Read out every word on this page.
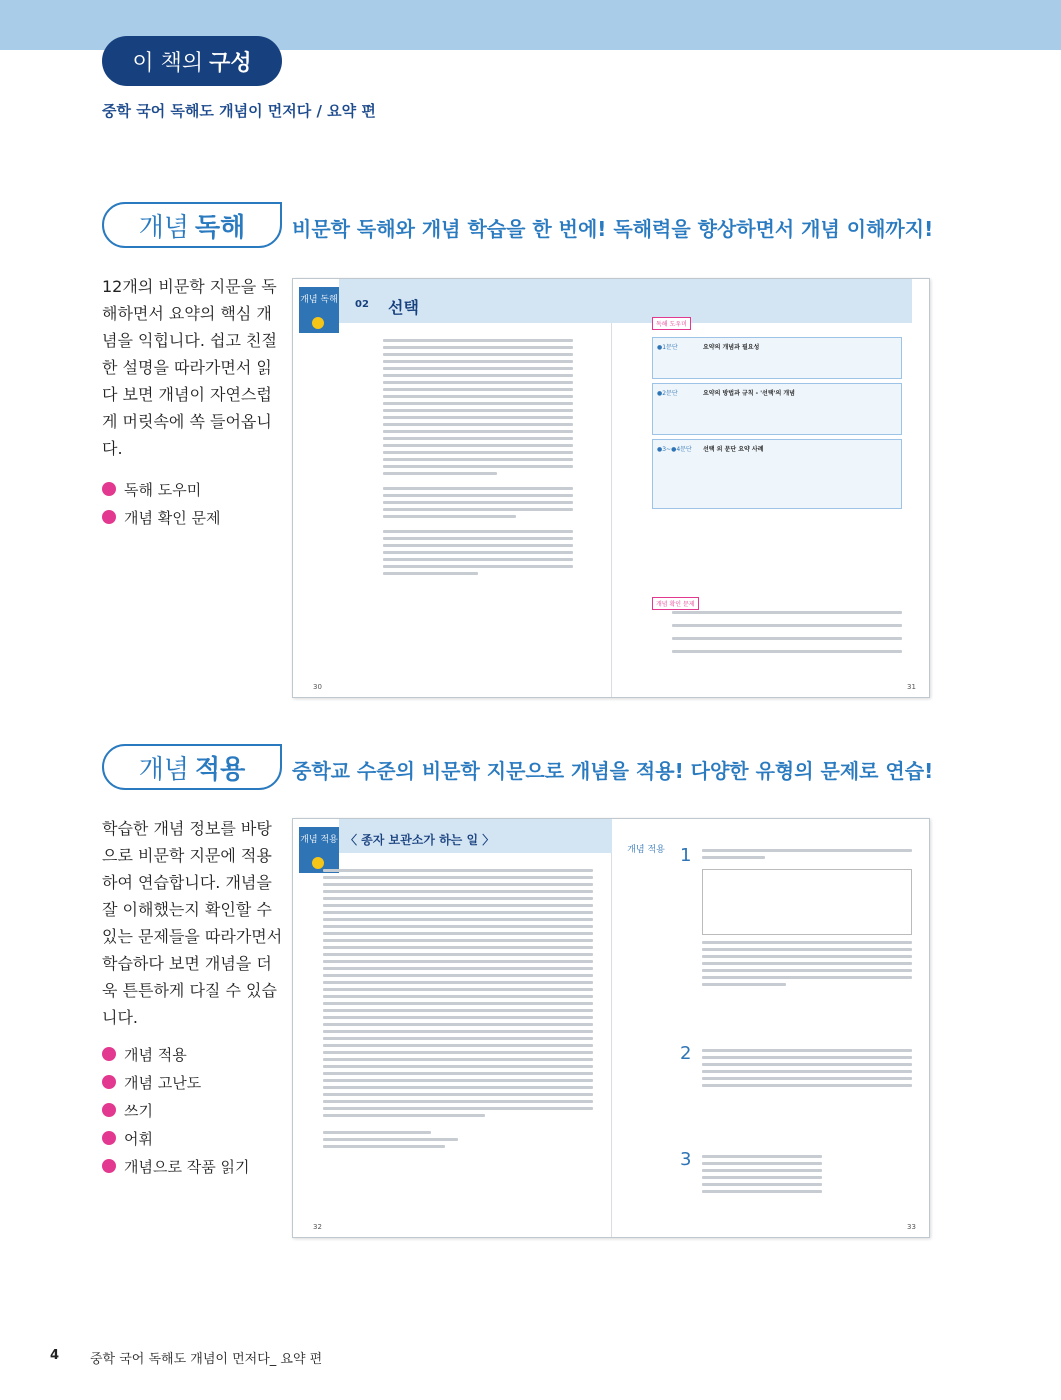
이 책의 구성
중학 국어 독해도 개념이 먼저다 / 요약 편
개념 독해 비문학 독해와 개념 학습을 한 번에! 독해력을 향상하면서 개념 이해까지!
12개의 비문학 지문을 독해하면서 요약의 핵심 개념을 익힙니다. 쉽고 친절한 설명을 따라가면서 읽다 보면 개념이 자연스럽게 머릿속에 쏙 들어옵니다.
독해 도우미
개념 확인 문제
개념 독해 02 선택
30
독해 도우미
●1문단	요약의 개념과 필요성
●2문단	요약의 방법과 규칙 - '선택'의 개념
●3~●4문단 선택 외 문단 요약 사례
개념 확인 문제
31
개념 적용 중학교 수준의 비문학 지문으로 개념을 적용! 다양한 유형의 문제로 연습!
학습한 개념 정보를 바탕으로 비문학 지문에 적용하여 연습합니다. 개념을 잘 이해했는지 확인할 수 있는 문제들을 따라가면서 학습하다 보면 개념을 더욱 튼튼하게 다질 수 있습니다.
개념 적용
개념 고난도
쓰기
어휘
개념으로 작품 읽기
개념 적용 〈 종자 보관소가 하는 일 〉
32
개념 적용 1
2
3
33
4 중학 국어 독해도 개념이 먼저다_ 요약 편
